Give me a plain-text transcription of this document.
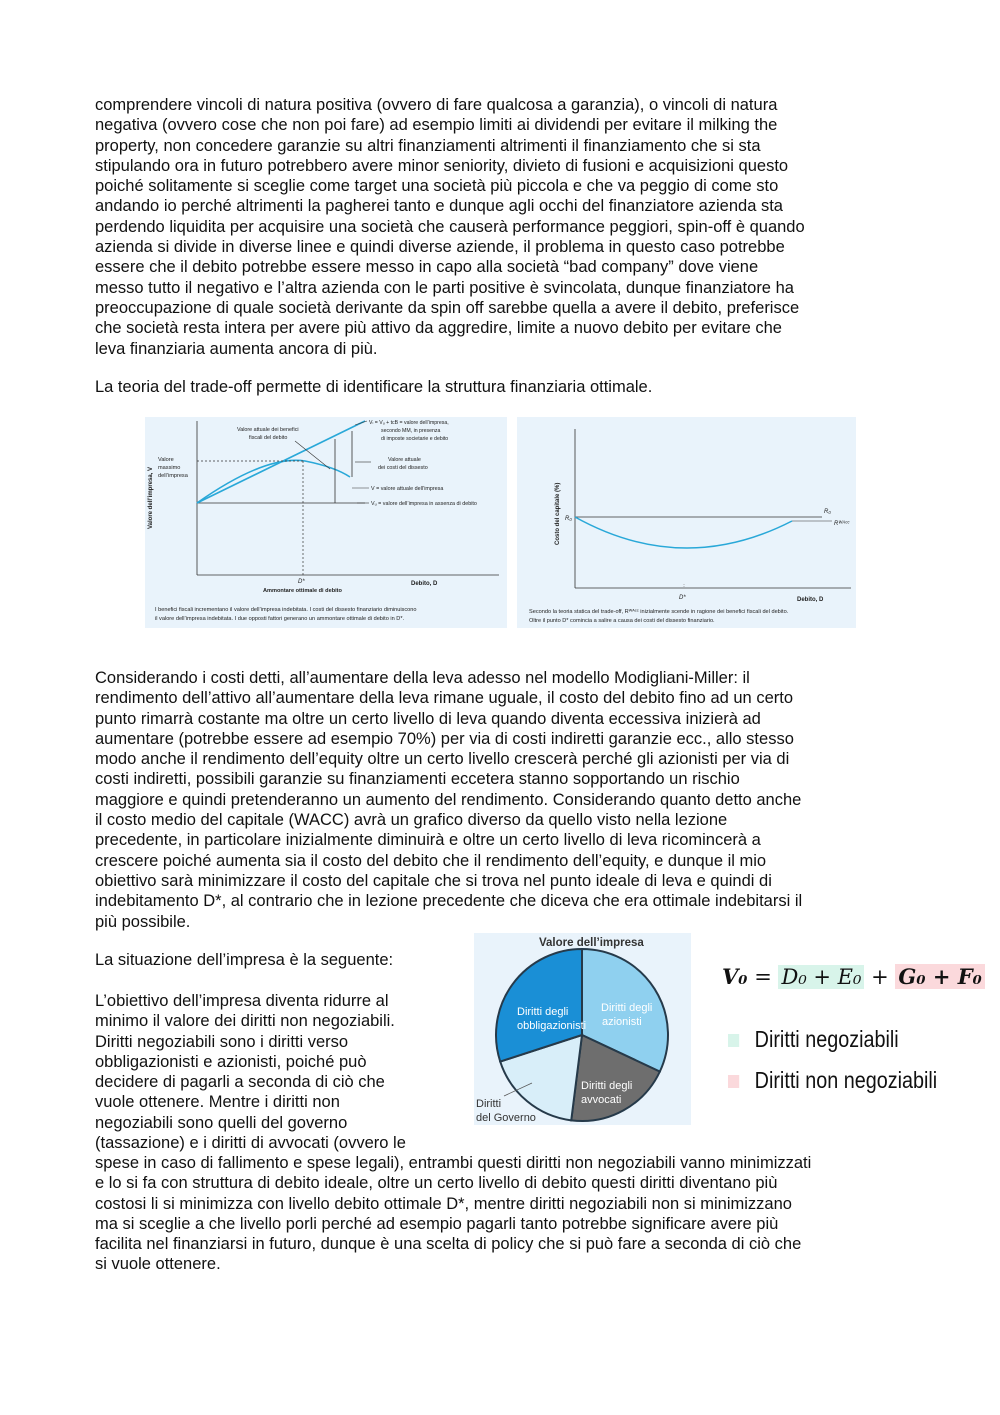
comprendere vincoli di natura positiva (ovvero di fare qualcosa a garanzia), o vincoli di natura

negativa (ovvero cose che non poi fare) ad esempio limiti ai dividendi per evitare il milking the

property, non concedere garanzie su altri finanziamenti altrimenti il finanziamento che si sta

stipulando ora in futuro potrebbero avere minor seniority, divieto di fusioni e acquisizioni questo

poiché solitamente si sceglie come target una società più piccola e che va peggio di come sto

andando io perché altrimenti la pagherei tanto e dunque agli occhi del finanziatore azienda sta

perdendo liquidita per acquisire una società che causerà performance peggiori, spin-off è quando

azienda si divide in diverse linee e quindi diverse aziende, il problema in questo caso potrebbe

essere che il debito potrebbe essere messo in capo alla società “bad company” dove viene

messo tutto il negativo e l’altra azienda con le parti positive è svincolata, dunque finanziatore ha

preoccupazione di quale società derivante da spin off sarebbe quella a avere il debito, preferisce

che società resta intera per avere più attivo da aggredire, limite a nuovo debito per evitare che

leva finanziaria aumenta ancora di più.

La teoria del trade-off permette di identificare la struttura finanziaria ottimale.

Valore dell’impresa, V
Valore
massimo
dell’impresa
Valore attuale dei benefici
fiscali del debito
Vₗ = Vᵤ + tᴄB = valore dell’impresa,
secondo MM, in presenza
di imposte societarie e debito
Valore attuale
dei costi del dissesto
V = valore attuale dell’impresa
Vᵤ = valore dell’impresa in assenza di debito
D*
Ammontare ottimale di debito
Debito, D
I benefici fiscali incrementano il valore dell’impresa indebitata. I costi del dissesto finanziario diminuiscono
il valore dell’impresa indebitata. I due opposti fattori generano un ammontare ottimale di debito in D*.
Costo del capitale (%) R₀
R₀
Rᵂᴬᶜᶜ
D*	Debito, D
Secondo la teoria statica del trade-off, Rᵂᴬᶜᶜ inizialmente scende in ragione dei benefici fiscali del debito.
Oltre il punto D* comincia a salire a causa dei costi del dissesto finanziario.

Considerando i costi detti, all’aumentare della leva adesso nel modello Modigliani-Miller: il

rendimento dell’attivo all’aumentare della leva rimane uguale, il costo del debito fino ad un certo

punto rimarrà costante ma oltre un certo livello di leva quando diventa eccessiva inizierà ad

aumentare (potrebbe essere ad esempio 70%) per via di costi indiretti garanzie ecc., allo stesso

modo anche il rendimento dell’equity oltre un certo livello crescerà perché gli azionisti per via di

costi indiretti, possibili garanzie su finanziamenti eccetera stanno sopportando un rischio

maggiore e quindi pretenderanno un aumento del rendimento. Considerando quanto detto anche

il costo medio del capitale (WACC) avrà un grafico diverso da quello visto nella lezione

precedente, in particolare inizialmente diminuirà e oltre un certo livello di leva ricomincerà a

crescere poiché aumenta sia il costo del debito che il rendimento dell’equity, e dunque il mio

obiettivo sarà minimizzare il costo del capitale che si trova nel punto ideale di leva e quindi di

indebitamento D*, al contrario che in lezione precedente che diceva che era ottimale indebitarsi il

più possibile.

La situazione dell’impresa è la seguente:

L’obiettivo dell’impresa diventa ridurre al

minimo il valore dei diritti non negoziabili.

Diritti negoziabili sono i diritti verso

obbligazionisti e azionisti, poiché può

decidere di pagarli a seconda di ciò che

vuole ottenere. Mentre i diritti non

negoziabili sono quelli del governo

(tassazione) e i diritti di avvocati (ovvero le

spese in caso di fallimento e spese legali), entrambi questi diritti non negoziabili vanno minimizzati

e lo si fa con struttura di debito ideale, oltre un certo livello di debito questi diritti diventano più

costosi li si minimizza con livello debito ottimale D*, mentre diritti negoziabili non si minimizzano

ma si sceglie a che livello porli perché ad esempio pagarli tanto potrebbe significare avere più

facilita nel finanziarsi in futuro, dunque è una scelta di policy che si può fare a seconda di ciò che

si vuole ottenere.

Valore dell’impresa
Diritti degli
azionisti
Diritti degli
avvocati
Diritti
del Governo
Diritti degli
obbligazionisti
V₀ = D₀ + E₀ + G₀ + F₀
Diritti negoziabili
Diritti non negoziabili
